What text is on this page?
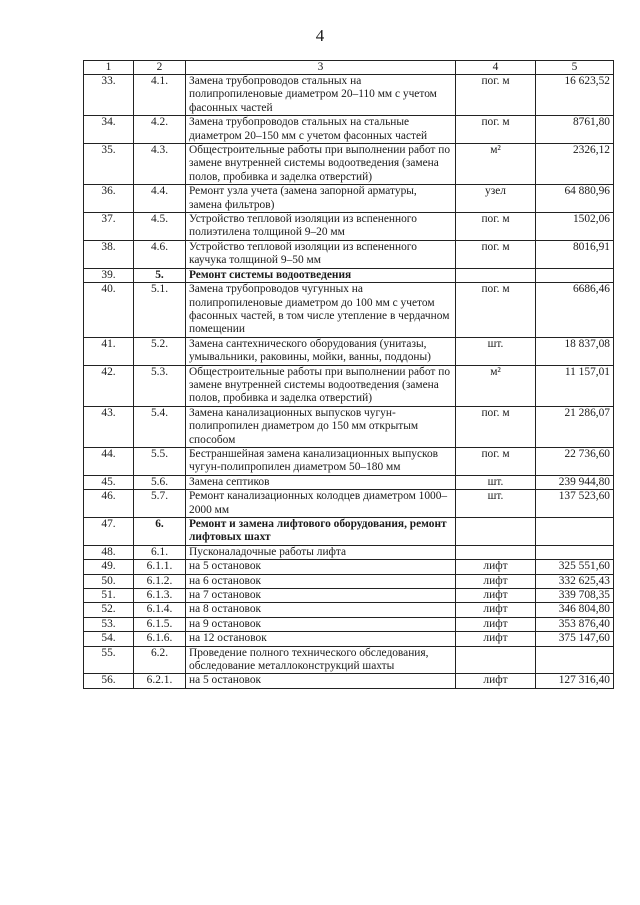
4
1	2	3	4	5
33.	4.1.	Замена трубопроводов стальных на полипропиленовые диаметром 20–110 мм с учетом фасонных частей	пог. м	16 623,52
34.	4.2.	Замена трубопроводов стальных на стальные диаметром 20–150 мм с учетом фасонных частей	пог. м	8761,80
35.	4.3.	Общестроительные работы при выполнении работ по замене внутренней системы водоотведения (замена полов, пробивка и заделка отверстий)	м²	2326,12
36.	4.4.	Ремонт узла учета (замена запорной арматуры, замена фильтров)	узел	64 880,96
37.	4.5.	Устройство тепловой изоляции из вспененного полиэтилена толщиной 9–20 мм	пог. м	1502,06
38.	4.6.	Устройство тепловой изоляции из вспененного каучука толщиной 9–50 мм	пог. м	8016,91
39.	5.	Ремонт системы водоотведения		
40.	5.1.	Замена трубопроводов чугунных на полипропиленовые диаметром до 100 мм с учетом фасонных частей, в том числе утепление в чердачном помещении	пог. м	6686,46
41.	5.2.	Замена сантехнического оборудования (унитазы, умывальники, раковины, мойки, ванны, поддоны)	шт.	18 837,08
42.	5.3.	Общестроительные работы при выполнении работ по замене внутренней системы водоотведения (замена полов, пробивка и заделка отверстий)	м²	11 157,01
43.	5.4.	Замена канализационных выпусков чугун-полипропилен диаметром до 150 мм открытым способом	пог. м	21 286,07
44.	5.5.	Бестраншейная замена канализационных выпусков чугун-полипропилен диаметром 50–180 мм	пог. м	22 736,60
45.	5.6.	Замена септиков	шт.	239 944,80
46.	5.7.	Ремонт канализационных колодцев диаметром 1000–2000 мм	шт.	137 523,60
47.	6.	Ремонт и замена лифтового оборудования, ремонт лифтовых шахт		
48.	6.1.	Пусконаладочные работы лифта		
49.	6.1.1.	на 5 остановок	лифт	325 551,60
50.	6.1.2.	на 6 остановок	лифт	332 625,43
51.	6.1.3.	на 7 остановок	лифт	339 708,35
52.	6.1.4.	на 8 остановок	лифт	346 804,80
53.	6.1.5.	на 9 остановок	лифт	353 876,40
54.	6.1.6.	на 12 остановок	лифт	375 147,60
55.	6.2.	Проведение полного технического обследования, обследование металлоконструкций шахты		
56.	6.2.1.	на 5 остановок	лифт	127 316,40
